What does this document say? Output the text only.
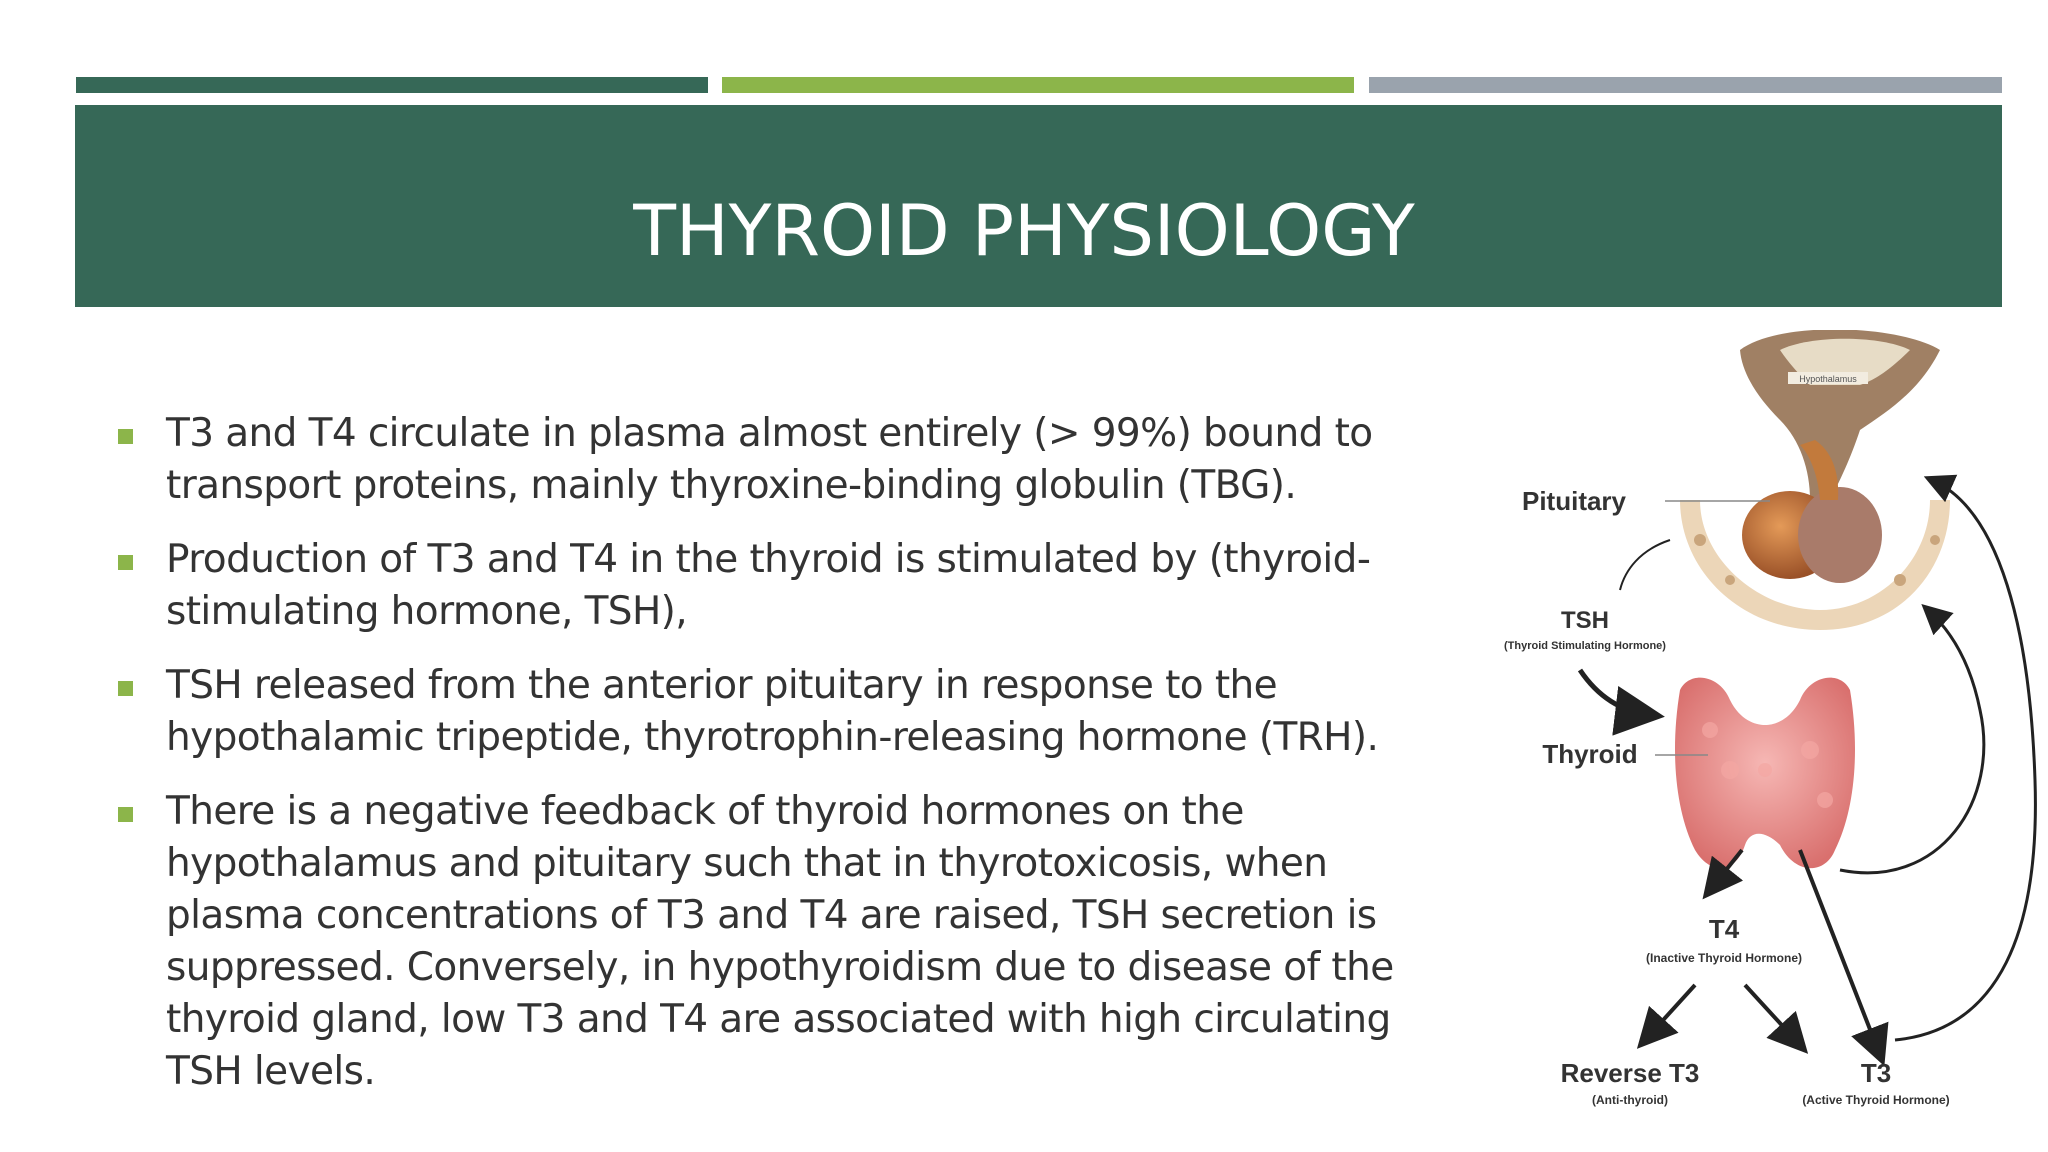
THYROID PHYSIOLOGY
T3 and T4 circulate in plasma almost entirely (> 99%) bound to transport proteins, mainly thyroxine-binding globulin (TBG).
Production of T3 and T4 in the thyroid is stimulated by (thyroid-stimulating hormone, TSH),
TSH released from the anterior pituitary in response to the hypothalamic tripeptide, thyrotrophin-releasing hormone (TRH).
There is a negative feedback of thyroid hormones on the hypothalamus and pituitary such that in thyrotoxicosis, when plasma concentrations of T3 and T4 are raised, TSH secretion is suppressed. Conversely, in hypothyroidism due to disease of the thyroid gland, low T3 and T4 are associated with high circulating TSH levels.
Hypothalamus
Pituitary
TSH
(Thyroid Stimulating Hormone)
Thyroid
T4
(Inactive Thyroid Hormone)
Reverse T3
(Anti-thyroid)
T3
(Active Thyroid Hormone)
